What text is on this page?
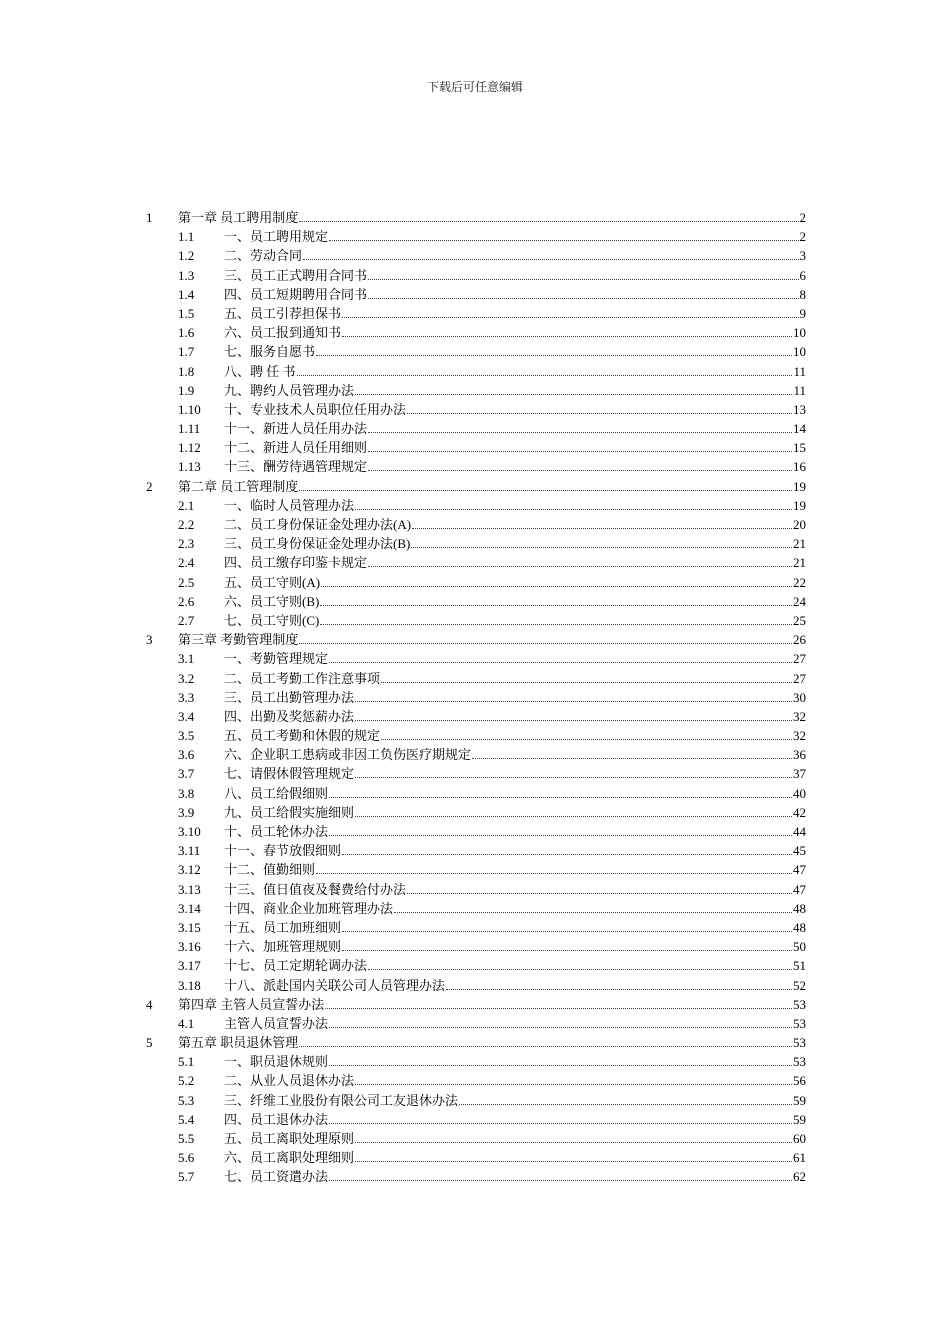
下载后可任意编辑
1 第一章 员工聘用制度	2
1.1 一、员工聘用规定	2
1.2 二、劳动合同	3
1.3 三、员工正式聘用合同书	6
1.4 四、员工短期聘用合同书	8
1.5 五、员工引荐担保书	9
1.6 六、员工报到通知书	10
1.7 七、服务自愿书	10
1.8 八、聘 任 书	11
1.9 九、聘约人员管理办法	11
1.10 十、专业技术人员职位任用办法	13
1.11 十一、新进人员任用办法	14
1.12 十二、新进人员任用细则	15
1.13 十三、酬劳待遇管理规定	16
2 第二章 员工管理制度	19
2.1 一、临时人员管理办法	19
2.2 二、员工身份保证金处理办法(A)	20
2.3 三、员工身份保证金处理办法(B)	21
2.4 四、员工缴存印鉴卡规定	21
2.5 五、员工守则(A)	22
2.6 六、员工守则(B)	24
2.7 七、员工守则(C)	25
3 第三章 考勤管理制度	26
3.1 一、考勤管理规定	27
3.2 二、员工考勤工作注意事项	27
3.3 三、员工出勤管理办法	30
3.4 四、出勤及奖惩薪办法	32
3.5 五、员工考勤和休假的规定	32
3.6 六、企业职工患病或非因工负伤医疗期规定	36
3.7 七、请假休假管理规定	37
3.8 八、员工给假细则	40
3.9 九、员工给假实施细则	42
3.10 十、员工轮休办法	44
3.11 十一、春节放假细则	45
3.12 十二、值勤细则	47
3.13 十三、值日值夜及餐费给付办法	47
3.14 十四、商业企业加班管理办法	48
3.15 十五、员工加班细则	48
3.16 十六、加班管理规则	50
3.17 十七、员工定期轮调办法	51
3.18 十八、派赴国内关联公司人员管理办法	52
4 第四章 主管人员宣誓办法	53
4.1 主管人员宣誓办法	53
5 第五章 职员退休管理	53
5.1 一、职员退休规则	53
5.2 二、从业人员退休办法	56
5.3 三、纤维工业股份有限公司工友退休办法	59
5.4 四、员工退休办法	59
5.5 五、员工离职处理原则	60
5.6 六、员工离职处理细则	61
5.7 七、员工资遣办法	62
